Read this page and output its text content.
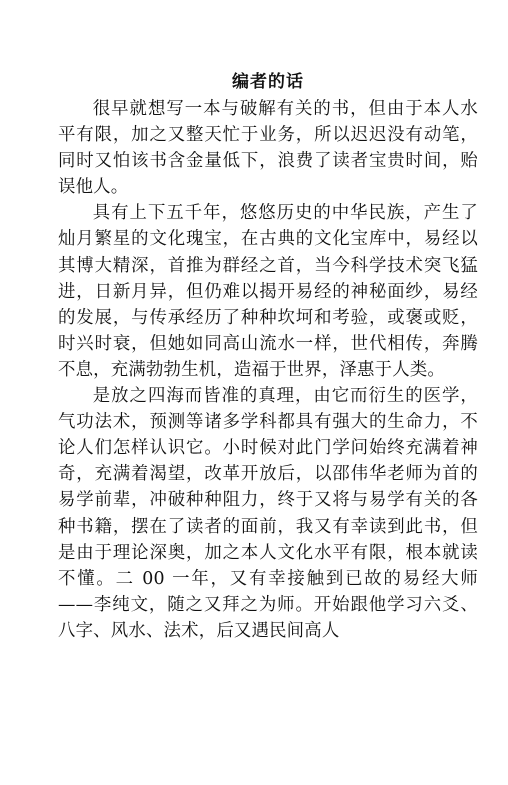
编者的话

很早就想写一本与破解有关的书，但由于本人水平有限，加之又整天忙于业务，所以迟迟没有动笔，同时又怕该书含金量低下，浪费了读者宝贵时间，贻误他人。

具有上下五千年，悠悠历史的中华民族，产生了灿月繁星的文化瑰宝，在古典的文化宝库中，易经以其博大精深，首推为群经之首，当今科学技术突飞猛进，日新月异，但仍难以揭开易经的神秘面纱，易经的发展，与传承经历了种种坎坷和考验，或褒或贬，时兴时衰，但她如同高山流水一样，世代相传，奔腾不息，充满勃勃生机，造福于世界，泽惠于人类。

是放之四海而皆准的真理，由它而衍生的医学，气功法术，预测等诸多学科都具有强大的生命力，不论人们怎样认识它。小时候对此门学问始终充满着神奇，充满着渴望，改革开放后，以邵伟华老师为首的易学前辈，冲破种种阻力，终于又将与易学有关的各种书籍，摆在了读者的面前，我又有幸读到此书，但是由于理论深奥，加之本人文化水平有限，根本就读不懂。二 00 一年，又有幸接触到已故的易经大师——李纯文，随之又拜之为师。开始跟他学习六爻、八字、风水、法术，后又遇民间高人
